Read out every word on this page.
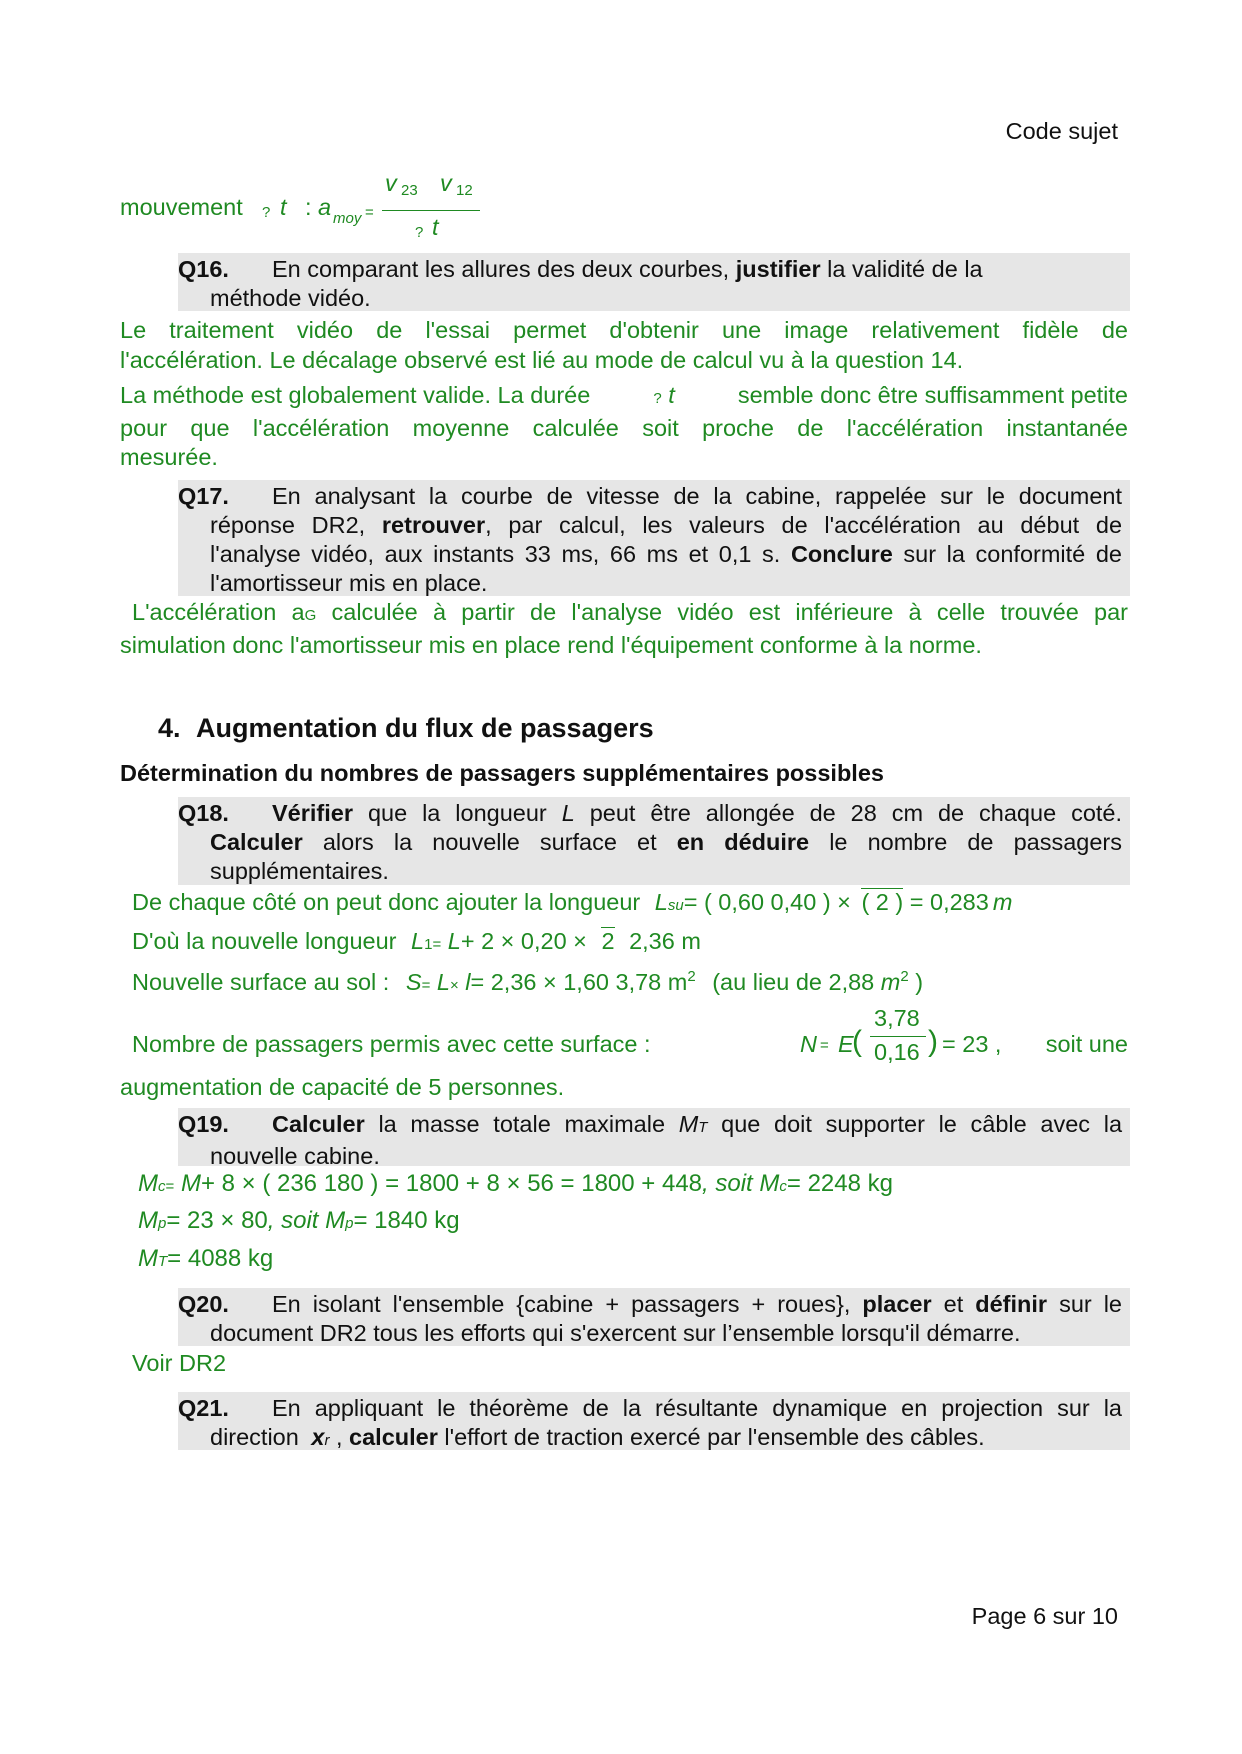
Code sujet
mouvement ? t : a moy =
v 23 v 12
? t
Q16. En comparant les allures des deux courbes, justifier la validité de la
méthode vidéo.
Le traitement vidéo de l'essai permet d'obtenir une image relativement fidèle de
l'accélération. Le décalage observé est lié au mode de calcul vu à la question 14.
La méthode est globalement valide. La durée	? t	semble donc être suffisamment petite
pour que l'accélération moyenne calculée soit proche de l'accélération instantanée
mesurée.
Q17. En analysant la courbe de vitesse de la cabine, rappelée sur le document
réponse DR2, retrouver, par calcul, les valeurs de l'accélération au début de
l'analyse vidéo, aux instants 33 ms, 66 ms et 0,1 s. Conclure sur la conformité de
l'amortisseur mis en place.
L'accélération aG calculée à partir de l'analyse vidéo est inférieure à celle trouvée par
simulation donc l'amortisseur mis en place rend l'équipement conforme à la norme.
4. Augmentation du flux de passagers
Détermination du nombres de passagers supplémentaires possibles
Q18. Vérifier que la longueur L peut être allongée de 28 cm de chaque coté.
Calculer alors la nouvelle surface et en déduire le nombre de passagers
supplémentaires.
De chaque côté on peut donc ajouter la longueur Lsu= ( 0,60 0,40 ) × ( 2 ) = 0,283 m
D'où la nouvelle longueur L1= L+ 2 × 0,20 × 2 2,36 m
Nouvelle surface au sol : S= L× l= 2,36 × 1,60 3,78 $m^2$ (au lieu de 2,88 $m^2$ )
Nombre de passagers permis avec cette surface :	N = E
(
3,78
0,16 ) = 23 , soit une
augmentation de capacité de 5 personnes.
Q19. Calculer la masse totale maximale MT que doit supporter le câble avec la
nouvelle cabine.
Mc= M+ 8 × ( 236 180 ) = 1800 + 8 × 56 = 1800 + 448, soit Mc= 2248 kg
Mp= 23 × 80, soit Mp= 1840 kg
MT= 4088 kg
Q20. En isolant l'ensemble {cabine + passagers + roues}, placer et définir sur le
document DR2 tous les efforts qui s'exercent sur l’ensemble lorsqu'il démarre.
Voir DR2
Q21. En appliquant le théorème de la résultante dynamique en projection sur la
direction xr , calculer l'effort de traction exercé par l'ensemble des câbles.
Page 6 sur 10
